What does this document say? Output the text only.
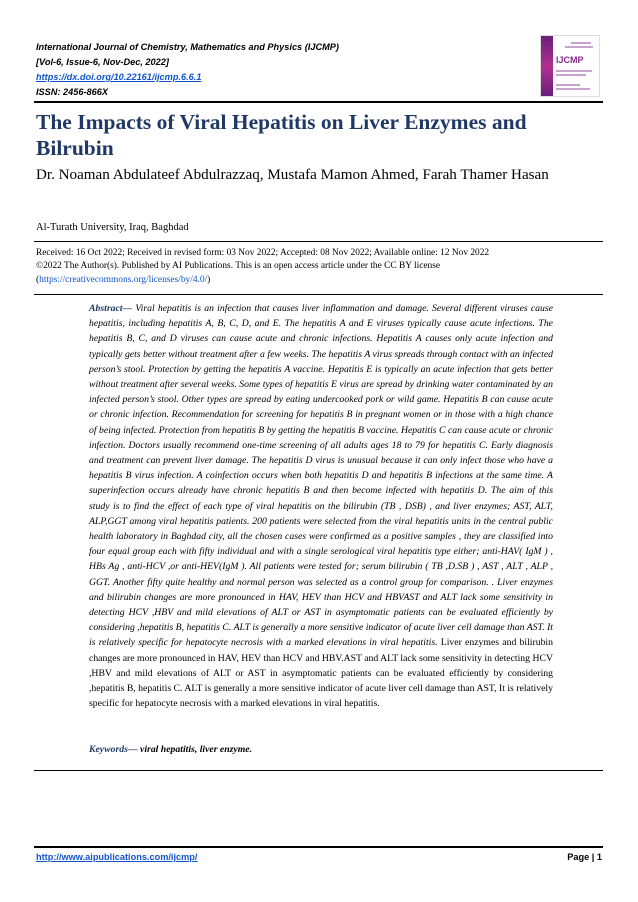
International Journal of Chemistry, Mathematics and Physics (IJCMP)
[Vol-6, Issue-6, Nov-Dec, 2022]
https://dx.doi.org/10.22161/ijcmp.6.6.1
ISSN: 2456-866X
IJCMP
The Impacts of Viral Hepatitis on Liver Enzymes and Bilrubin
Dr. Noaman Abdulateef Abdulrazzaq, Mustafa Mamon Ahmed, Farah Thamer Hasan
Al-Turath University, Iraq, Baghdad
Received: 16 Oct 2022; Received in revised form: 03 Nov 2022; Accepted: 08 Nov 2022; Available online: 12 Nov 2022
©2022 The Author(s). Published by AI Publications. This is an open access article under the CC BY license
(https://creativecommons.org/licenses/by/4.0/)
Abstract— Viral hepatitis is an infection that causes liver inflammation and damage. Several different viruses cause hepatitis, including hepatitis A, B, C, D, and E. The hepatitis A and E viruses typically cause acute infections. The hepatitis B, C, and D viruses can cause acute and chronic infections. Hepatitis A causes only acute infection and typically gets better without treatment after a few weeks. The hepatitis A virus spreads through contact with an infected person’s stool. Protection by getting the hepatitis A vaccine. Hepatitis E is typically an acute infection that gets better without treatment after several weeks. Some types of hepatitis E virus are spread by drinking water contaminated by an infected person’s stool. Other types are spread by eating undercooked pork or wild game. Hepatitis B can cause acute or chronic infection. Recommendation for screening for hepatitis B in pregnant women or in those with a high chance of being infected. Protection from hepatitis B by getting the hepatitis B vaccine. Hepatitis C can cause acute or chronic infection. Doctors usually recommend one-time screening of all adults ages 18 to 79 for hepatitis C. Early diagnosis and treatment can prevent liver damage. The hepatitis D virus is unusual because it can only infect those who have a hepatitis B virus infection. A coinfection occurs when both hepatitis D and hepatitis B infections at the same time. A superinfection occurs already have chronic hepatitis B and then become infected with hepatitis D. The aim of this study is to find the effect of each type of viral hepatitis on the bilirubin (TB , DSB) , and liver enzymes; AST, ALT, ALP,GGT among viral hepatitis patients. 200 patients were selected from the viral hepatitis units in the central public health laboratory in Baghdad city, all the chosen cases were confirmed as a positive samples , they are classified into four equal group each with fifty individual and with a single serological viral hepatitis type either; anti-HAV( IgM ) , HBs Ag , anti-HCV ,or anti-HEV(IgM ). All patients were tested for; serum bilirubin ( TB ,D.SB ) , AST , ALT , ALP , GGT. Another fifty quite healthy and normal person was selected as a control group for comparison. . Liver enzymes and bilirubin changes are more pronounced in HAV, HEV than HCV and HBVAST and ALT lack some sensitivity in detecting HCV ,HBV and mild elevations of ALT or AST in asymptomatic patients can be evaluated efficiently by considering ,hepatitis B, hepatitis C. ALT is generally a more sensitive indicator of acute liver cell damage than AST. It is relatively specific for hepatocyte necrosis with a marked elevations in viral hepatitis. Liver enzymes and bilirubin changes are more pronounced in HAV, HEV than HCV and HBV.AST and ALT lack some sensitivity in detecting HCV ,HBV and mild elevations of ALT or AST in asymptomatic patients can be evaluated efficiently by considering ,hepatitis B, hepatitis C. ALT is generally a more sensitive indicator of acute liver cell damage than AST, It is relatively specific for hepatocyte necrosis with a marked elevations in viral hepatitis.
Keywords— viral hepatitis, liver enzyme.
http://www.aipublications.com/ijcmp/	Page | 1
